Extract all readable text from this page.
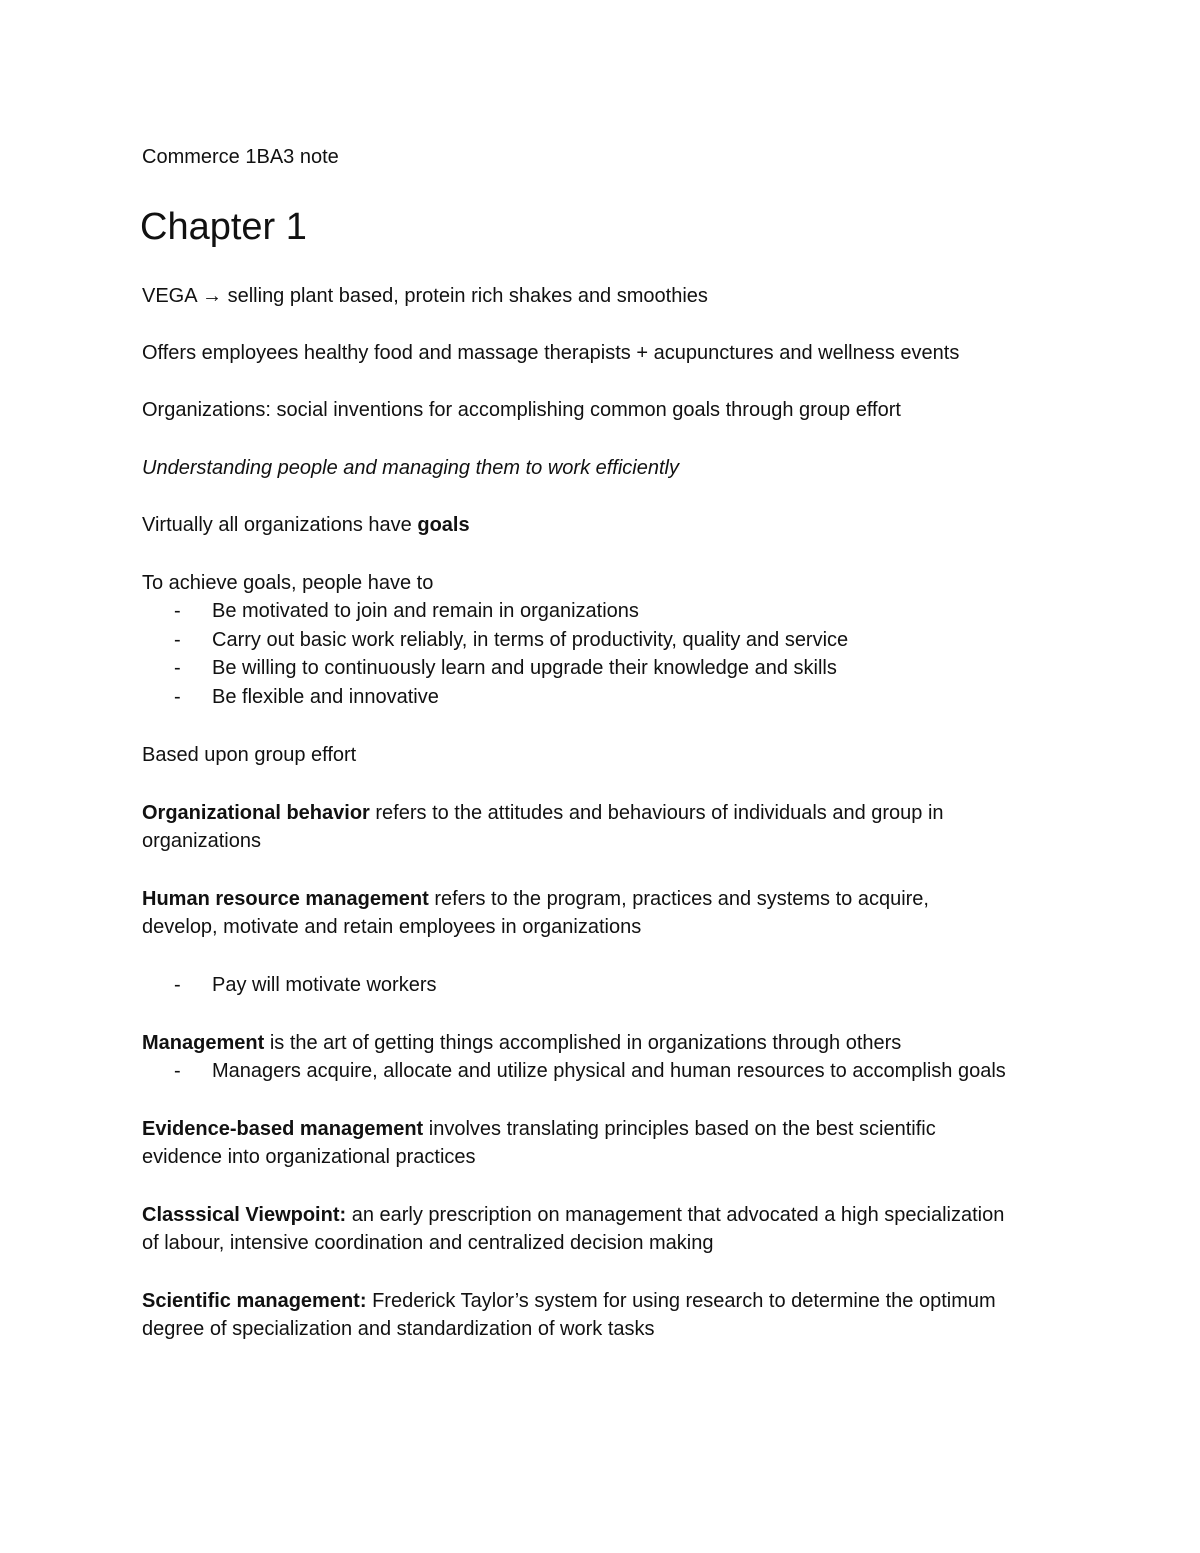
Commerce 1BA3 note

Chapter 1

VEGA → selling plant based, protein rich shakes and smoothies

Offers employees healthy food and massage therapists + acupunctures and wellness events

Organizations: social inventions for accomplishing common goals through group effort

Understanding people and managing them to work efficiently

Virtually all organizations have goals

To achieve goals, people have to

- Be motivated to join and remain in organizations

- Carry out basic work reliably, in terms of productivity, quality and service

- Be willing to continuously learn and upgrade their knowledge and skills

- Be flexible and innovative

Based upon group effort

Organizational behavior refers to the attitudes and behaviours of individuals and group in

organizations

Human resource management refers to the program, practices and systems to acquire,

develop, motivate and retain employees in organizations

- Pay will motivate workers

Management is the art of getting things accomplished in organizations through others

- Managers acquire, allocate and utilize physical and human resources to accomplish goals

Evidence-based management involves translating principles based on the best scientific

evidence into organizational practices

Classsical Viewpoint: an early prescription on management that advocated a high specialization

of labour, intensive coordination and centralized decision making

Scientific management: Frederick Taylor’s system for using research to determine the optimum

degree of specialization and standardization of work tasks
